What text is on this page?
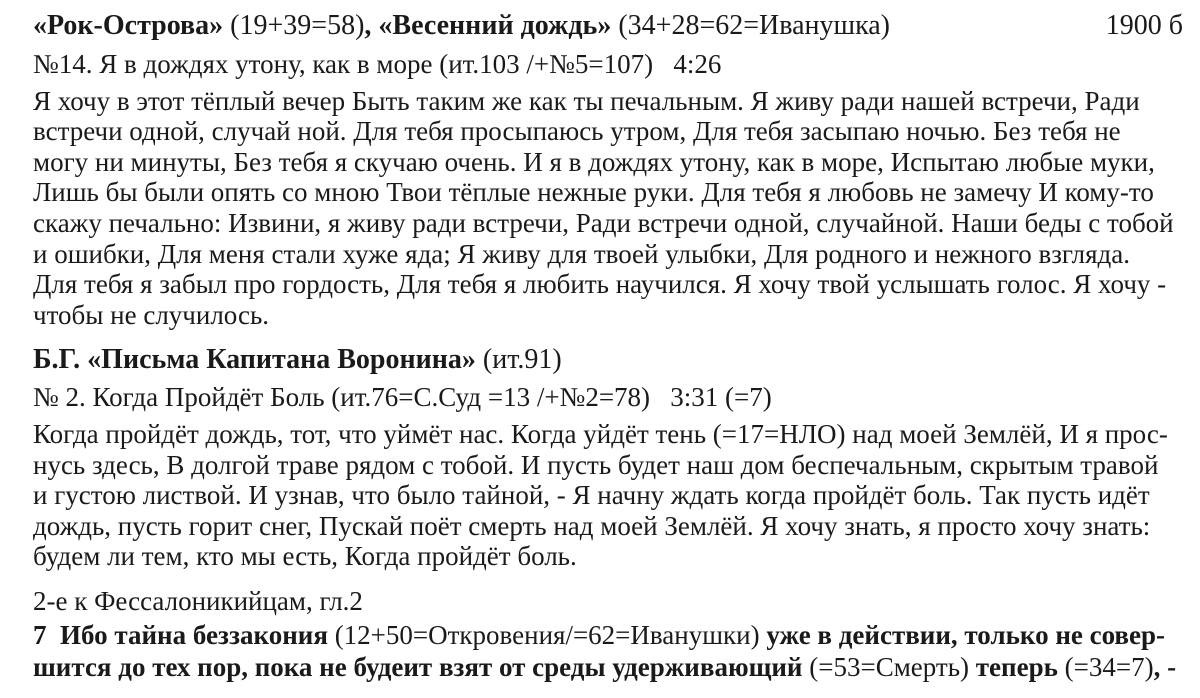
«Рок-Острова» (19+39=58), «Весенний дождь» (34+28=62=Иванушка)	1900 б
№14. Я в дождях утону, как в море (ит.103 /+№5=107)   4:26
Я хочу в этот тёплый вечер Быть таким же как ты печальным. Я живу ради нашей встречи, Ради
встречи одной, случай ной. Для тебя просыпаюсь утром, Для тебя засыпаю ночью. Без тебя не
могу ни минуты, Без тебя я скучаю очень. И я в дождях утону, как в море, Испытаю любые муки,
Лишь бы были опять со мною Твои тёплые нежные руки. Для тебя я любовь не замечу И кому-то
скажу печально: Извини, я живу ради встречи, Ради встречи одной, случайной. Наши беды с тобой
и ошибки, Для меня стали хуже яда; Я живу для твоей улыбки, Для родного и нежного взгляда.
Для тебя я забыл про гордость, Для тебя я любить научился. Я хочу твой услышать голос. Я хочу -
чтобы не случилось.
Б.Г. «Письма Капитана Воронина» (ит.91)
№ 2. Когда Пройдёт Боль (ит.76=С.Суд =13 /+№2=78)   3:31 (=7)
Когда пройдёт дождь, тот, что уймёт нас. Когда уйдёт тень (=17=НЛО) над моей Землёй, И я прос-
нусь здесь, В долгой траве рядом с тобой. И пусть будет наш дом беспечальным, скрытым травой
и густою листвой. И узнав, что было тайной, - Я начну ждать когда пройдёт боль. Так пусть идёт
дождь, пусть горит снег, Пускай поёт смерть над моей Землёй. Я хочу знать, я просто хочу знать:
будем ли тем, кто мы есть, Когда пройдёт боль.
2-е к Фессалоникийцам, гл.2
7  Ибо тайна беззакония (12+50=Откровения/=62=Иванушки) уже в действии, только не совер-
шится до тех пор, пока не будеит взят от среды удерживающий (=53=Смерть) теперь (=34=7), -
